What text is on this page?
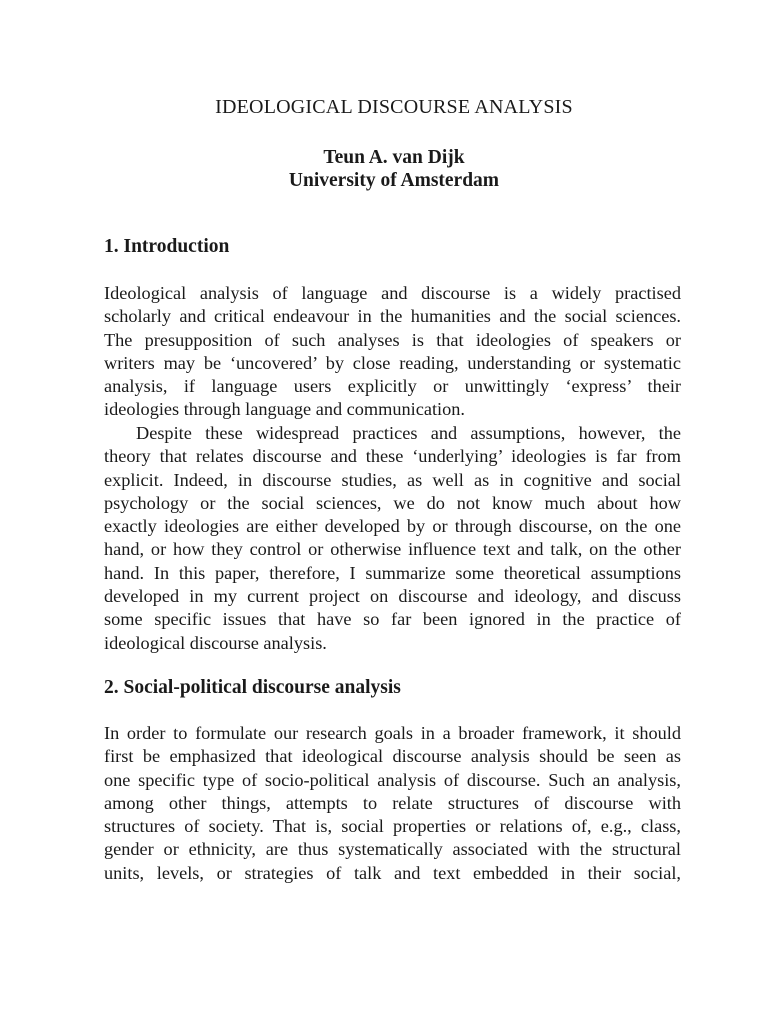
IDEOLOGICAL DISCOURSE ANALYSIS
Teun A. van Dijk
University of Amsterdam
1. Introduction
Ideological analysis of language and discourse is a widely practised
scholarly and critical endeavour in the humanities and the social sciences.
The presupposition of such analyses is that ideologies of speakers or
writers may be ‘uncovered’ by close reading, understanding or systematic
analysis, if language users explicitly or unwittingly ‘express’ their
ideologies through language and communication.
Despite these widespread practices and assumptions, however, the
theory that relates discourse and these ‘underlying’ ideologies is far from
explicit. Indeed, in discourse studies, as well as in cognitive and social
psychology or the social sciences, we do not know much about how
exactly ideologies are either developed by or through discourse, on the one
hand, or how they control or otherwise influence text and talk, on the other
hand. In this paper, therefore, I summarize some theoretical assumptions
developed in my current project on discourse and ideology, and discuss
some specific issues that have so far been ignored in the practice of
ideological discourse analysis.
2. Social-political discourse analysis
In order to formulate our research goals in a broader framework, it should
first be emphasized that ideological discourse analysis should be seen as
one specific type of socio-political analysis of discourse. Such an analysis,
among other things, attempts to relate structures of discourse with
structures of society. That is, social properties or relations of, e.g., class,
gender or ethnicity, are thus systematically associated with the structural
units, levels, or strategies of talk and text embedded in their social,
